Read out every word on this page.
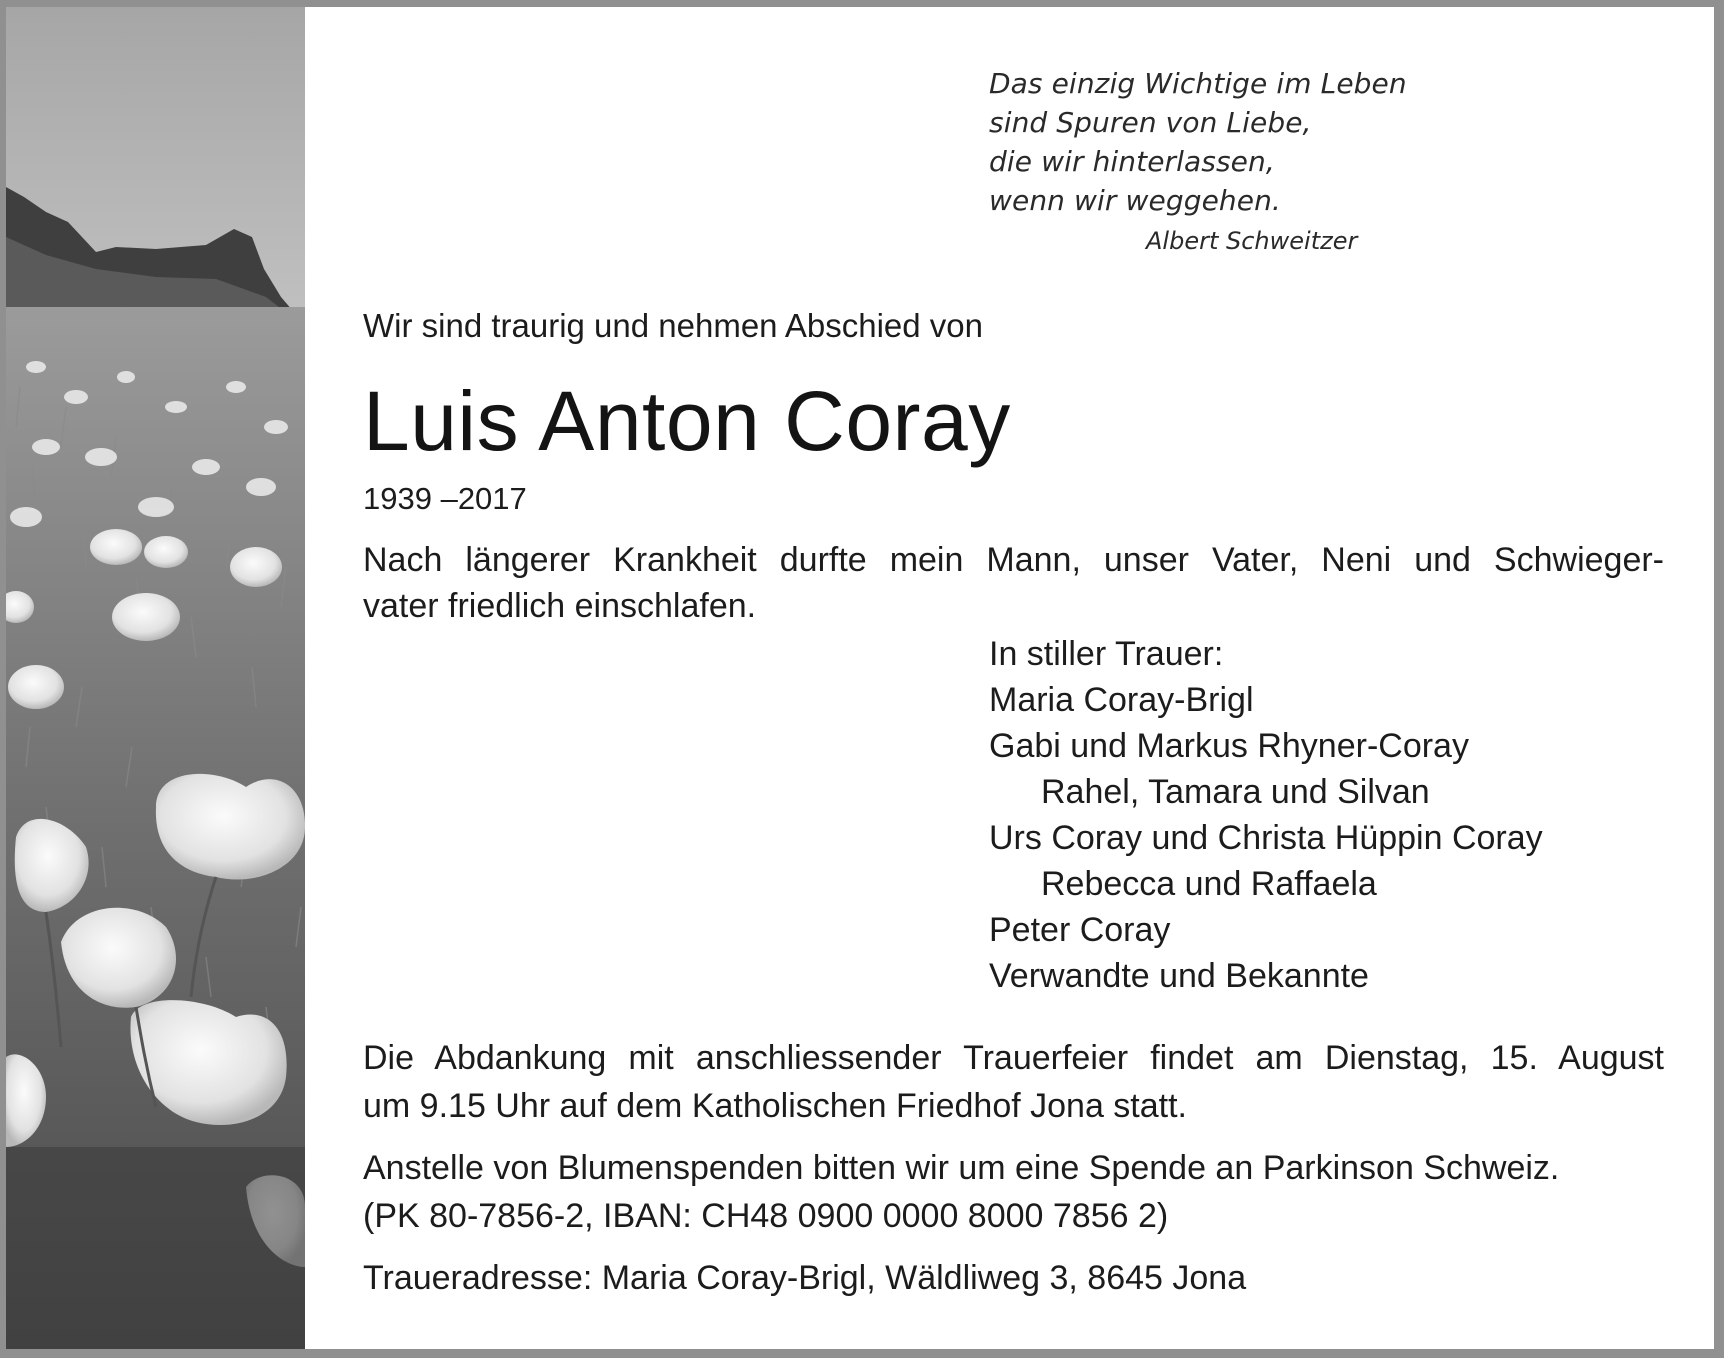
Das einzig Wichtige im Leben
sind Spuren von Liebe,
die wir hinterlassen,
wenn wir weggehen.
Albert Schweitzer
Wir sind traurig und nehmen Abschied von
Luis Anton Coray
1939 –2017
Nach längerer Krankheit durfte mein Mann, unser Vater, Neni und Schwieger-
vater friedlich einschlafen.
In stiller Trauer:
Maria Coray-Brigl
Gabi und Markus Rhyner-Coray
Rahel, Tamara und Silvan
Urs Coray und Christa Hüppin Coray
Rebecca und Raffaela
Peter Coray
Verwandte und Bekannte
Die Abdankung mit anschliessender Trauerfeier findet am Dienstag, 15. August
um 9.15 Uhr auf dem Katholischen Friedhof Jona statt.
Anstelle von Blumenspenden bitten wir um eine Spende an Parkinson Schweiz.
(PK 80-7856-2, IBAN: CH48 0900 0000 8000 7856 2)
Traueradresse: Maria Coray-Brigl, Wäldliweg 3, 8645 Jona
